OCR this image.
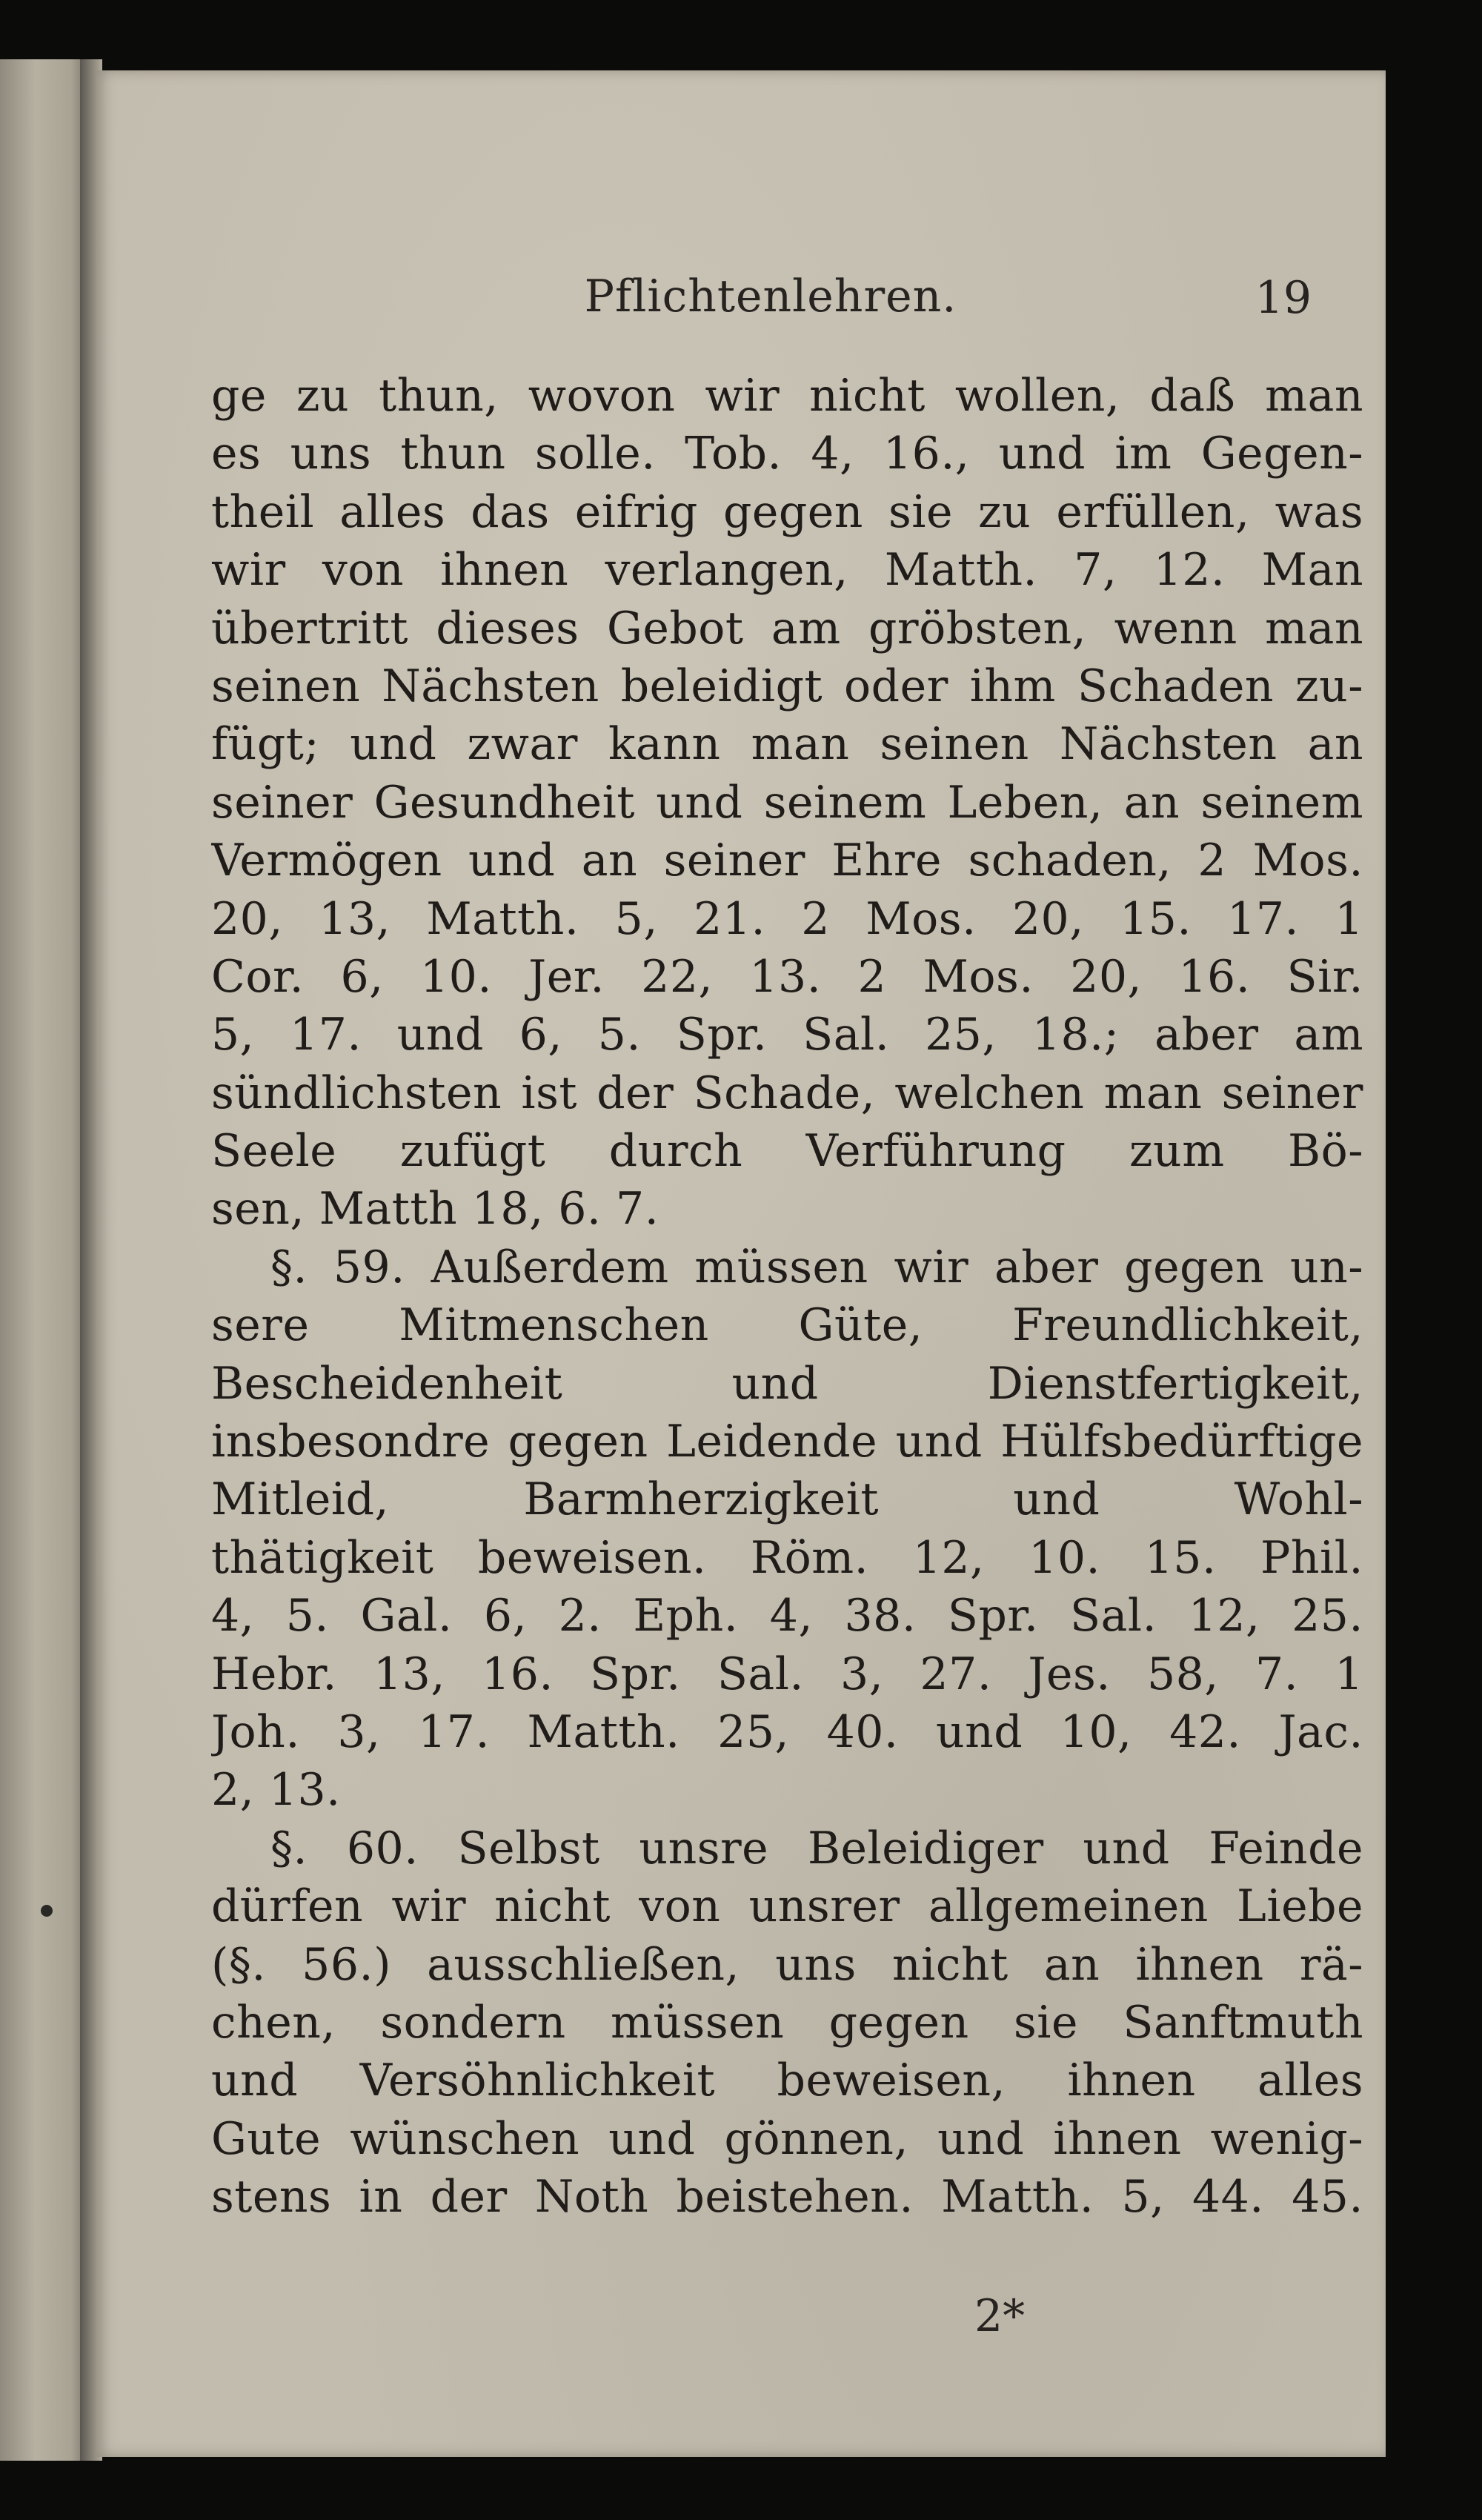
Pflichtenlehren.	19
ge zu thun, wovon wir nicht wollen, daß man
es uns thun solle. Tob. 4, 16., und im Gegen-
theil alles das eifrig gegen sie zu erfüllen, was
wir von ihnen verlangen, Matth. 7, 12. Man
übertritt dieses Gebot am gröbsten, wenn man
seinen Nächsten beleidigt oder ihm Schaden zu-
fügt; und zwar kann man seinen Nächsten an
seiner Gesundheit und seinem Leben, an seinem
Vermögen und an seiner Ehre schaden, 2 Mos.
20, 13, Matth. 5, 21. 2 Mos. 20, 15. 17. 1
Cor. 6, 10. Jer. 22, 13. 2 Mos. 20, 16. Sir.
5, 17. und 6, 5. Spr. Sal. 25, 18.; aber am
sündlichsten ist der Schade, welchen man seiner
Seele zufügt durch Verführung zum Bö-
sen, Matth 18, 6. 7.
§. 59. Außerdem müssen wir aber gegen un-
sere Mitmenschen Güte, Freundlichkeit,
Bescheidenheit und Dienstfertigkeit,
insbesondre gegen Leidende und Hülfsbedürftige
Mitleid, Barmherzigkeit und Wohl-
thätigkeit beweisen. Röm. 12, 10. 15. Phil.
4, 5. Gal. 6, 2. Eph. 4, 38. Spr. Sal. 12, 25.
Hebr. 13, 16. Spr. Sal. 3, 27. Jes. 58, 7. 1
Joh. 3, 17. Matth. 25, 40. und 10, 42. Jac.
2, 13.
§. 60. Selbst unsre Beleidiger und Feinde
dürfen wir nicht von unsrer allgemeinen Liebe
(§. 56.) ausschließen, uns nicht an ihnen rä-
chen, sondern müssen gegen sie Sanftmuth
und Versöhnlichkeit beweisen, ihnen alles
Gute wünschen und gönnen, und ihnen wenig-
stens in der Noth beistehen. Matth. 5, 44. 45.
2*
